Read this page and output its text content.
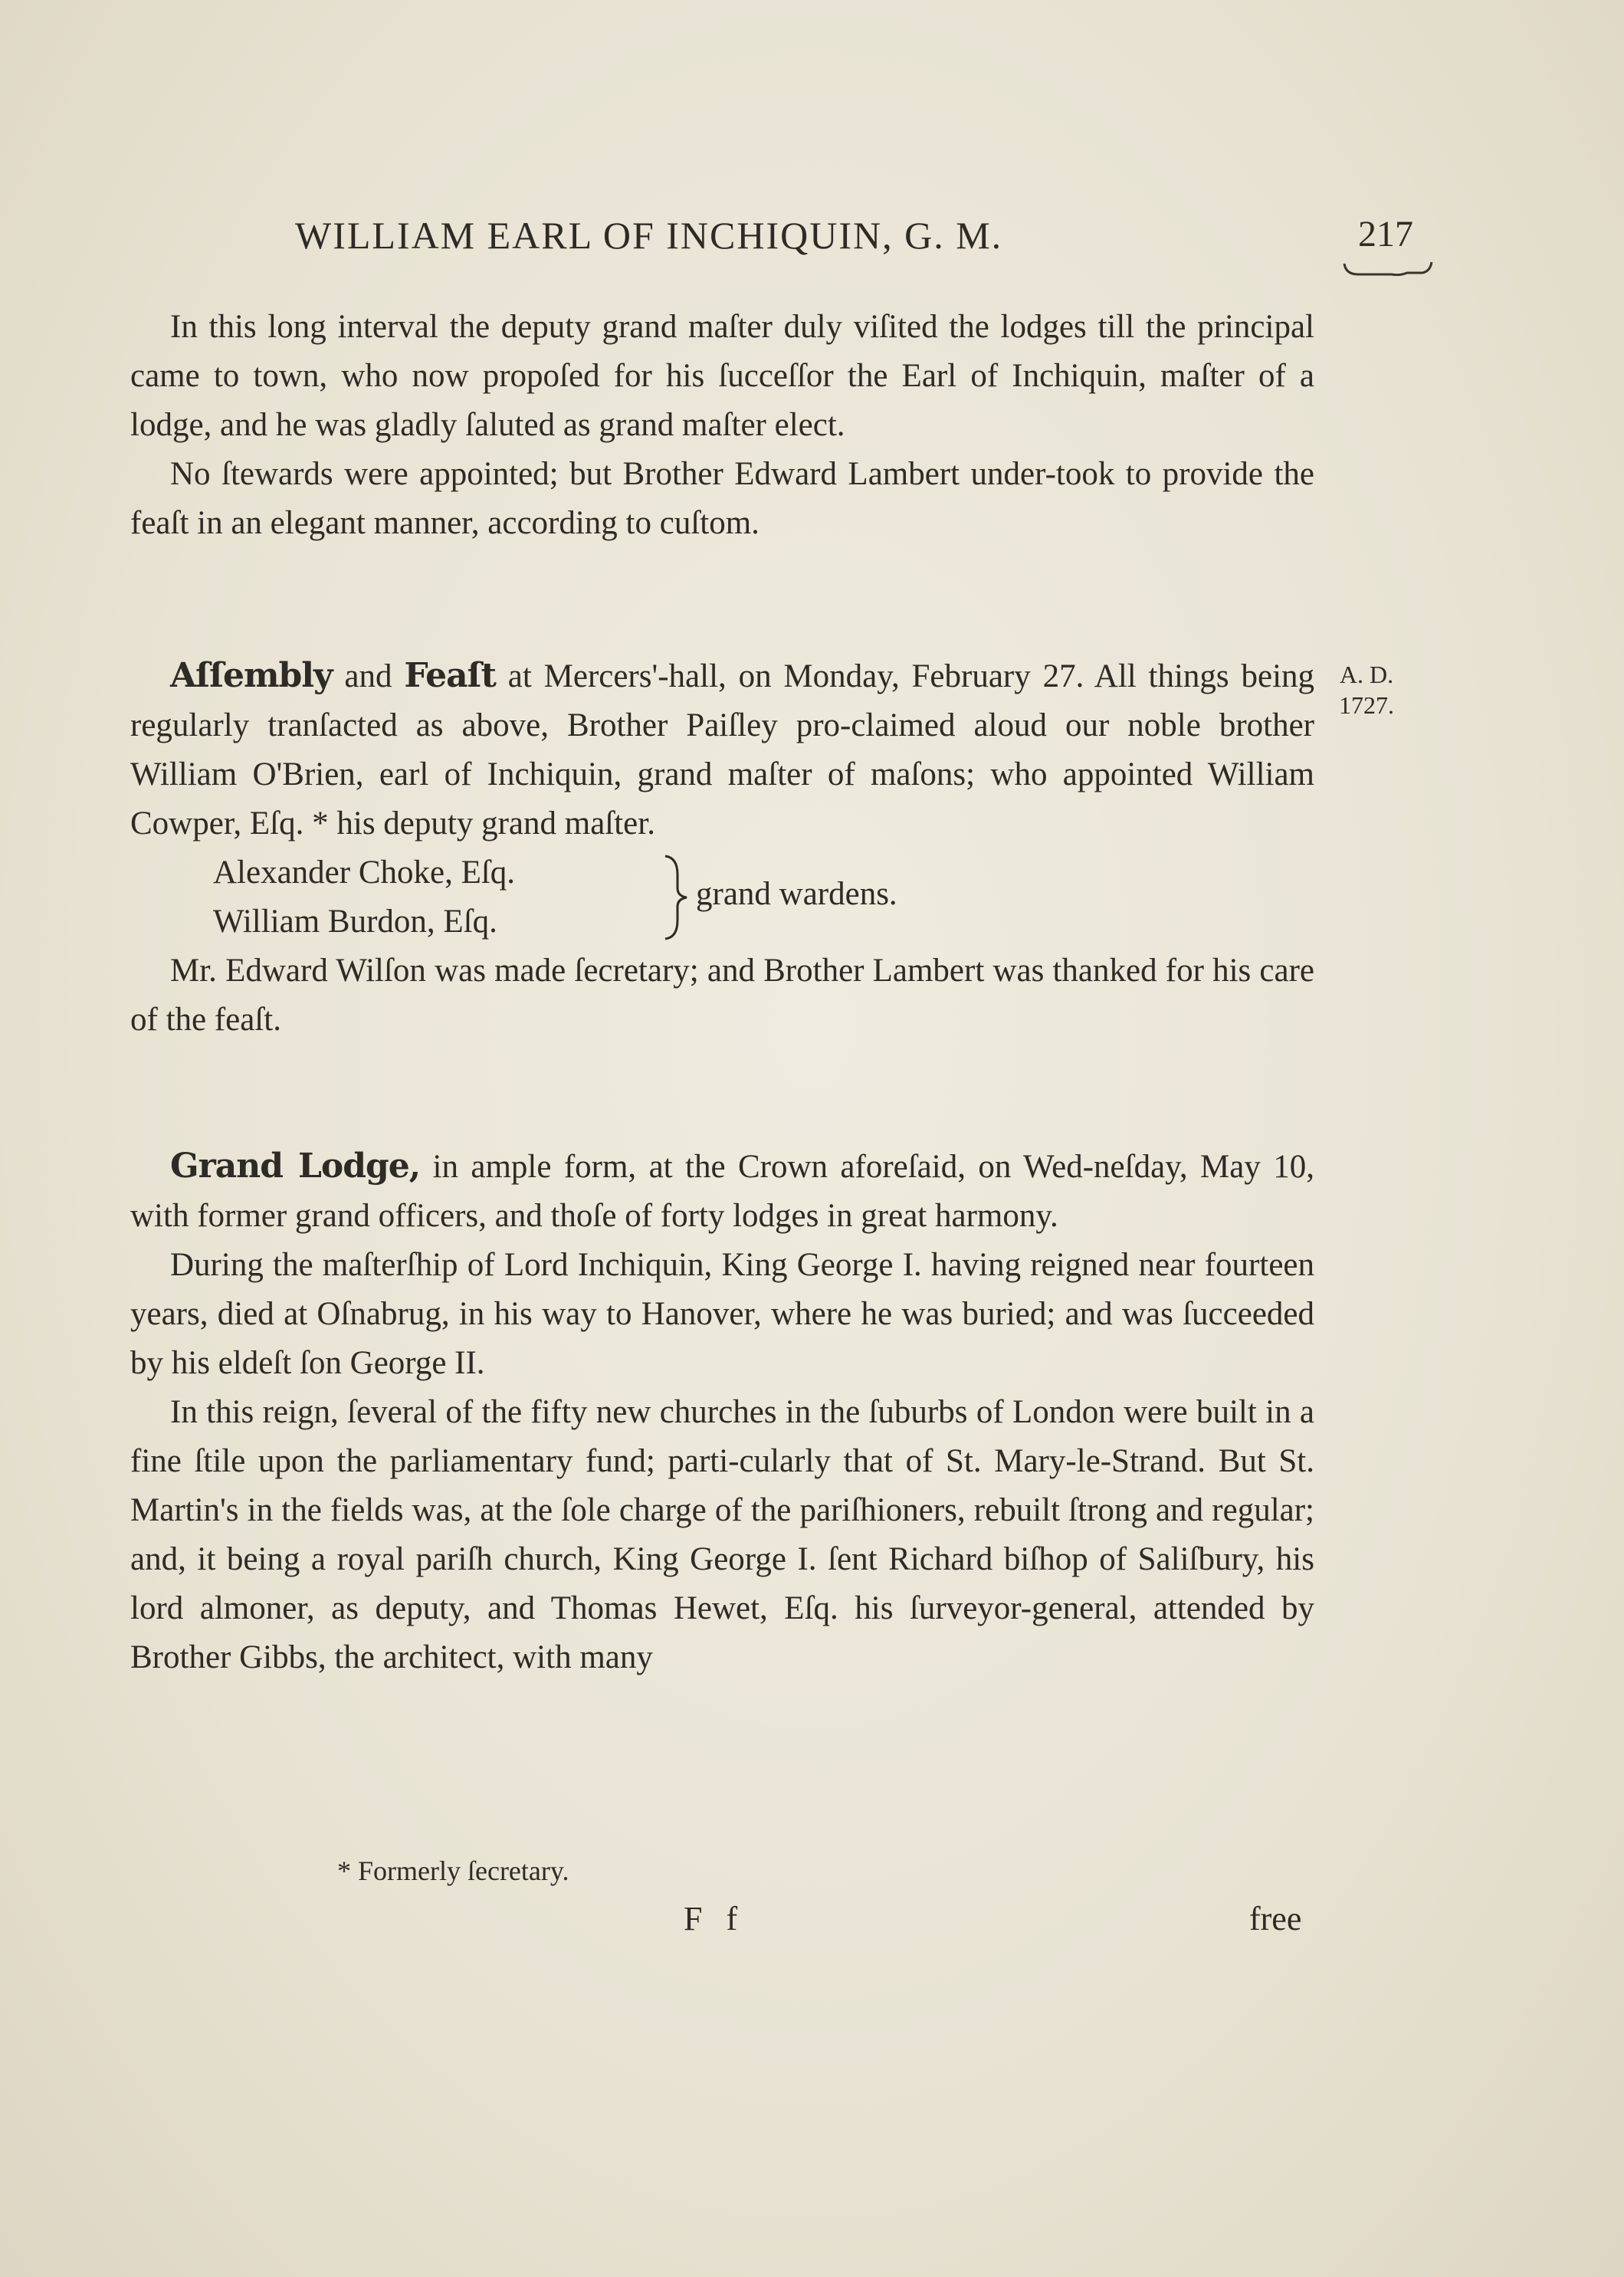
WILLIAM EARL OF INCHIQUIN, G. M.	217

In this long interval the deputy grand maſter duly viſited the lodges till the principal came to town, who now propoſed for his ſucceſſor the Earl of Inchiquin, maſter of a lodge, and he was gladly ſaluted as grand maſter elect.

No ſtewards were appointed; but Brother Edward Lambert under-took to provide the feaſt in an elegant manner, according to cuſtom.

Aſſembly and Feaſt at Mercers'-hall, on Monday, February 27. All things being regularly tranſacted as above, Brother Paiſley pro-claimed aloud our noble brother William O'Brien, earl of Inchiquin, grand maſter of maſons; who appointed William Cowper, Eſq. * his deputy grand maſter.

Alexander Choke, Eſq.
William Burdon, Eſq.
grand wardens.

Mr. Edward Wilſon was made ſecretary; and Brother Lambert was thanked for his care of the feaſt.

Grand Lodge, in ample form, at the Crown aforeſaid, on Wed-neſday, May 10, with former grand officers, and thoſe of forty lodges in great harmony.

During the maſterſhip of Lord Inchiquin, King George I. having reigned near fourteen years, died at Oſnabrug, in his way to Hanover, where he was buried; and was ſucceeded by his eldeſt ſon George II.

In this reign, ſeveral of the fifty new churches in the ſuburbs of London were built in a fine ſtile upon the parliamentary fund; parti-cularly that of St. Mary-le-Strand. But St. Martin's in the fields was, at the ſole charge of the pariſhioners, rebuilt ſtrong and regular; and, it being a royal pariſh church, King George I. ſent Richard biſhop of Saliſbury, his lord almoner, as deputy, and Thomas Hewet, Eſq. his ſurveyor-general, attended by Brother Gibbs, the architect, with many

A. D.
1727.
* Formerly ſecretary.
F f	free
